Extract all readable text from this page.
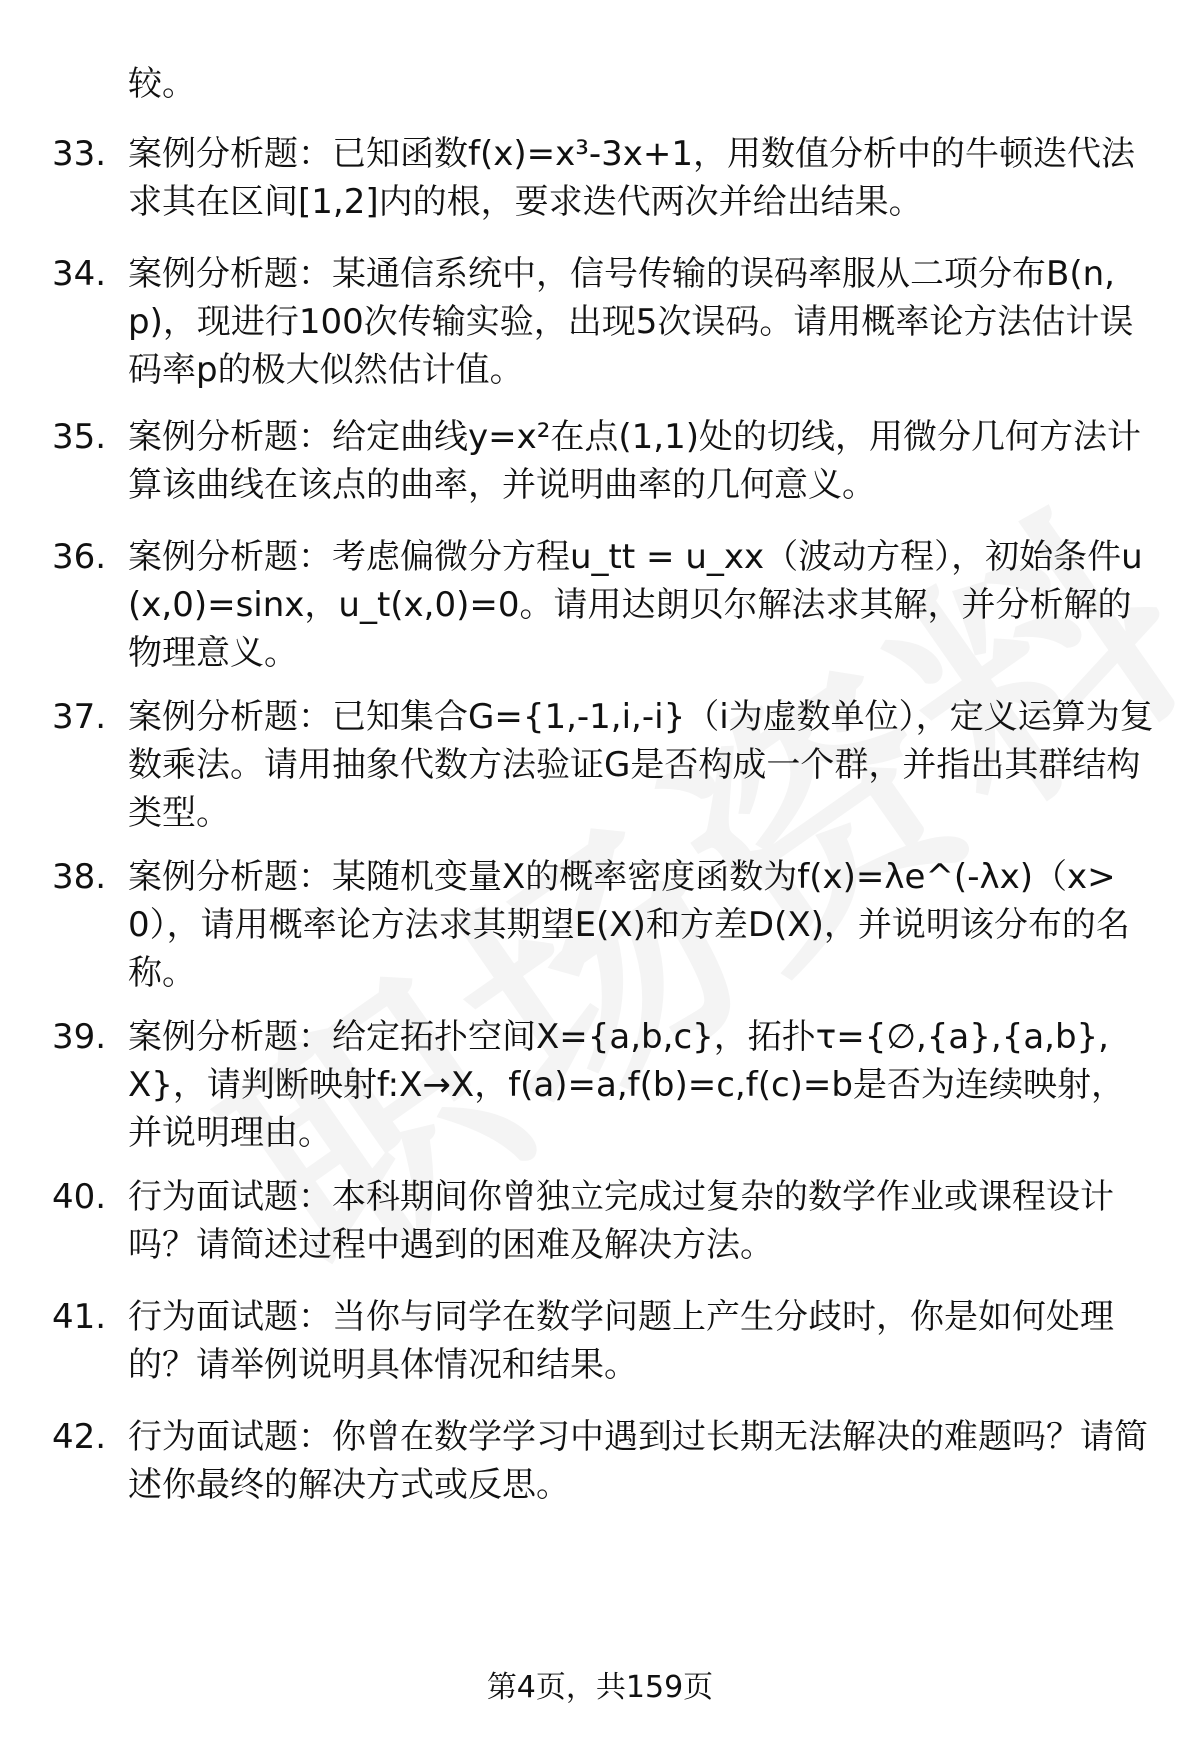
较。
33. 案例分析题：已知函数f(x)=x³-3x+1，用数值分析中的牛顿迭代法求其在区间[1,2]内的根，要求迭代两次并给出结果。
34. 案例分析题：某通信系统中，信号传输的误码率服从二项分布B(n,p)，现进行100次传输实验，出现5次误码。请用概率论方法估计误码率p的极大似然估计值。
35. 案例分析题：给定曲线y=x²在点(1,1)处的切线，用微分几何方法计算该曲线在该点的曲率，并说明曲率的几何意义。
36. 案例分析题：考虑偏微分方程u_tt = u_xx（波动方程），初始条件u(x,0)=sinx，u_t(x,0)=0。请用达朗贝尔解法求其解，并分析解的物理意义。
37. 案例分析题：已知集合G={1,-1,i,-i}（i为虚数单位），定义运算为复数乘法。请用抽象代数方法验证G是否构成一个群，并指出其群结构类型。
38. 案例分析题：某随机变量X的概率密度函数为f(x)=λe^(-λx)（x>0），请用概率论方法求其期望E(X)和方差D(X)，并说明该分布的名称。
39. 案例分析题：给定拓扑空间X={a,b,c}，拓扑τ={∅,{a},{a,b},X}，请判断映射f:X→X，f(a)=a,f(b)=c,f(c)=b是否为连续映射，并说明理由。
40. 行为面试题：本科期间你曾独立完成过复杂的数学作业或课程设计吗？请简述过程中遇到的困难及解决方法。
41. 行为面试题：当你与同学在数学问题上产生分歧时，你是如何处理的？请举例说明具体情况和结果。
42. 行为面试题：你曾在数学学习中遇到过长期无法解决的难题吗？请简述你最终的解决方式或反思。
第4页，共159页
